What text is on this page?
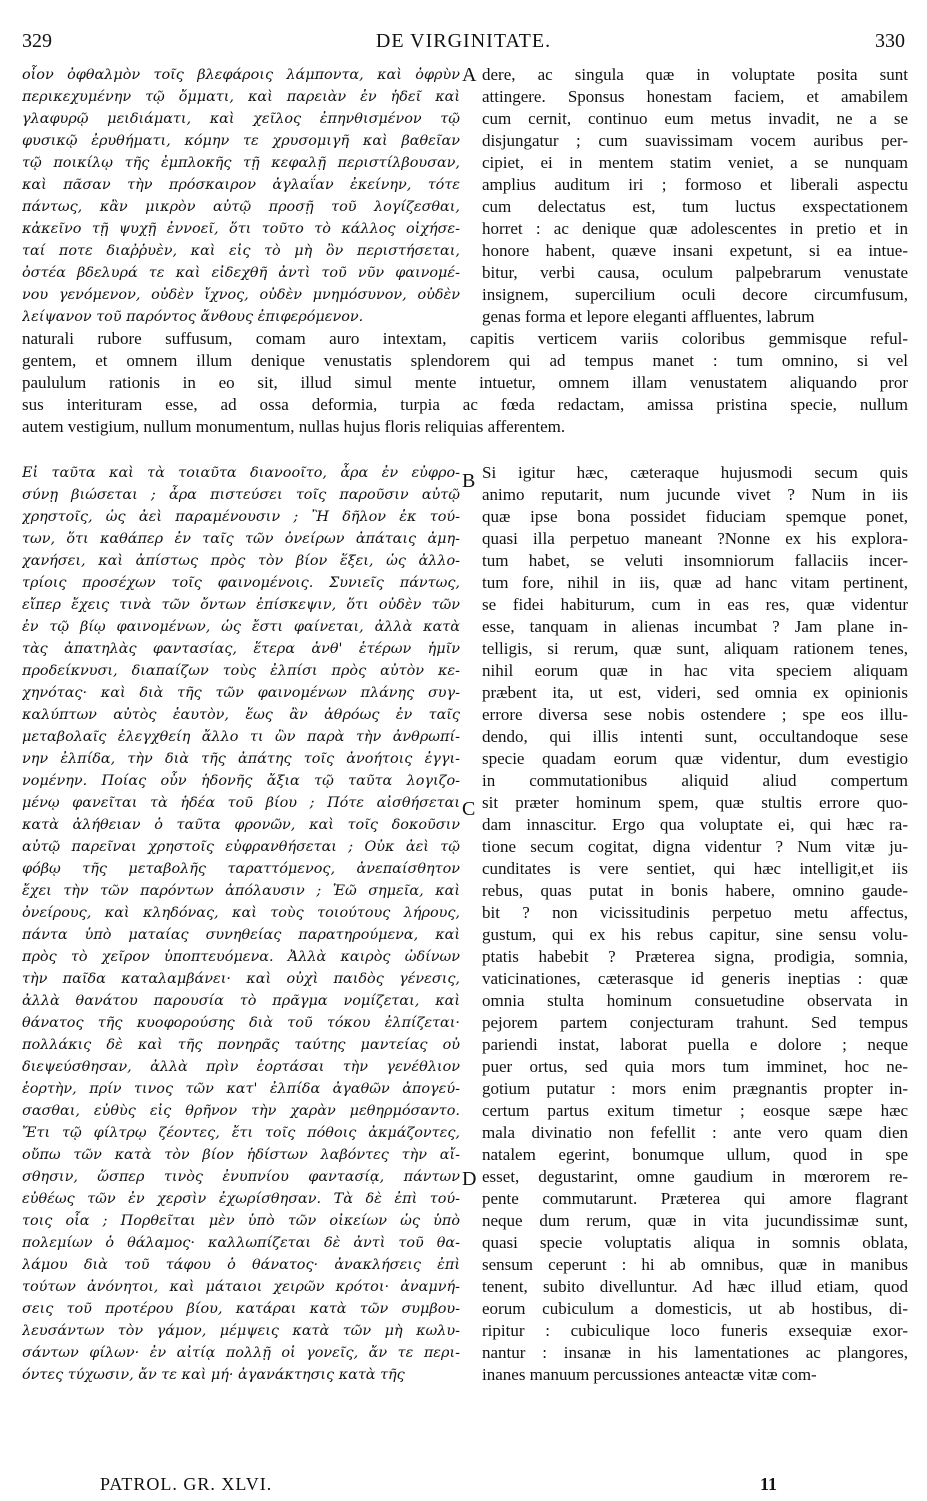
329	DE VIRGINITATE.	330
οἷον ὀφθαλμὸν τοῖς βλεφάροις λάμποντα, καὶ ὀφρὺν
περικεχυμένην τῷ ὄμματι, καὶ παρειὰν ἐν ἡδεῖ καὶ
γλαφυρῷ μειδιάματι, καὶ χεῖλος ἐπηνθισμένον τῷ
φυσικῷ ἐρυθήματι, κόμην τε χρυσομιγῆ καὶ βαθεῖαν
τῷ ποικίλῳ τῆς ἐμπλοκῆς τῇ κεφαλῇ περιστίλβουσαν,
καὶ πᾶσαν τὴν πρόσκαιρον ἀγλαΐαν ἐκείνην, τότε
πάντως, κἂν μικρὸν αὐτῷ προσῇ τοῦ λογίζεσθαι,
κἀκεῖνο τῇ ψυχῇ ἐννοεῖ, ὅτι τοῦτο τὸ κάλλος οἰχήσε-
ταί ποτε διαῤῥυὲν, καὶ εἰς τὸ μὴ ὂν περιστήσεται,
ὀστέα βδελυρά τε καὶ εἰδεχθῆ ἀντὶ τοῦ νῦν φαινομέ-
νου γενόμενον, οὐδὲν ἴχνος, οὐδὲν μνημόσυνον, οὐδὲν
λείψανον τοῦ παρόντος ἄνθους ἐπιφερόμενον.
dere, ac singula quæ in voluptate posita sunt
attingere. Sponsus honestam faciem, et amabilem
cum cernit, continuo eum metus invadit, ne a se
disjungatur ; cum suavissimam vocem auribus per-
cipiet, ei in mentem statim veniet, a se nunquam
amplius auditum iri ; formoso et liberali aspectu
cum delectatus est, tum luctus exspectationem
horret : ac denique quæ adolescentes in pretio et in
honore habent, quæve insani expetunt, si ea intue-
bitur, verbi causa, oculum palpebrarum venustate
insignem, supercilium oculi decore circumfusum,
genas forma et lepore eleganti affluentes, labrum
naturali rubore suffusum, comam auro intextam, capitis verticem variis coloribus gemmisque reful-
gentem, et omnem illum denique venustatis splendorem qui ad tempus manet : tum omnino, si vel
paululum rationis in eo sit, illud simul mente intuetur, omnem illam venustatem aliquando pror
sus interituram esse, ad ossa deformia, turpia ac fœda redactam, amissa pristina specie, nullum
autem vestigium, nullum monumentum, nullas hujus floris reliquias afferentem.
Εἰ ταῦτα καὶ τὰ τοιαῦτα διανοοῖτο, ἆρα ἐν εὐφρο-
σύνῃ βιώσεται ; ἆρα πιστεύσει τοῖς παροῦσιν αὐτῷ
χρηστοῖς, ὡς ἀεὶ παραμένουσιν ; Ἢ δῆλον ἐκ τού-
των, ὅτι καθάπερ ἐν ταῖς τῶν ὀνείρων ἀπάταις ἀμη-
χανήσει, καὶ ἀπίστως πρὸς τὸν βίον ἕξει, ὡς ἀλλο-
τρίοις προσέχων τοῖς φαινομένοις. Συνιεῖς πάντως,
εἴπερ ἔχεις τινὰ τῶν ὄντων ἐπίσκεψιν, ὅτι οὐδὲν τῶν
ἐν τῷ βίῳ φαινομένων, ὡς ἔστι φαίνεται, ἀλλὰ κατὰ
τὰς ἀπατηλὰς φαντασίας, ἕτερα ἀνθ' ἑτέρων ἡμῖν
προδείκνυσι, διαπαίζων τοὺς ἐλπίσι πρὸς αὐτὸν κε-
χηνότας· καὶ διὰ τῆς τῶν φαινομένων πλάνης συγ-
καλύπτων αὐτὸς ἑαυτὸν, ἕως ἂν ἀθρόως ἐν ταῖς
μεταβολαῖς ἐλεγχθείη ἄλλο τι ὢν παρὰ τὴν ἀνθρωπί-
νην ἐλπίδα, τὴν διὰ τῆς ἀπάτης τοῖς ἀνοήτοις ἐγγι-
νομένην. Ποίας οὖν ἡδονῆς ἄξια τῷ ταῦτα λογιζο-
μένῳ φανεῖται τὰ ἡδέα τοῦ βίου ; Πότε αἰσθήσεται
κατὰ ἀλήθειαν ὁ ταῦτα φρονῶν, καὶ τοῖς δοκοῦσιν
αὐτῷ παρεῖναι χρηστοῖς εὐφρανθήσεται ; Οὐκ ἀεὶ τῷ
φόβῳ τῆς μεταβολῆς ταραττόμενος, ἀνεπαίσθητον
ἔχει τὴν τῶν παρόντων ἀπόλαυσιν ; Ἐῶ σημεῖα, καὶ
ὀνείρους, καὶ κληδόνας, καὶ τοὺς τοιούτους λήρους,
πάντα ὑπὸ ματαίας συνηθείας παρατηρούμενα, καὶ
πρὸς τὸ χεῖρον ὑποπτευόμενα. Ἀλλὰ καιρὸς ὠδίνων
τὴν παῖδα καταλαμβάνει· καὶ οὐχὶ παιδὸς γένεσις,
ἀλλὰ θανάτου παρουσία τὸ πρᾶγμα νομίζεται, καὶ
θάνατος τῆς κυοφορούσης διὰ τοῦ τόκου ἐλπίζεται·
πολλάκις δὲ καὶ τῆς πονηρᾶς ταύτης μαντείας οὐ
διεψεύσθησαν, ἀλλὰ πρὶν ἑορτάσαι τὴν γενέθλιον
ἑορτὴν, πρίν τινος τῶν κατ' ἐλπίδα ἀγαθῶν ἀπογεύ-
σασθαι, εὐθὺς εἰς θρῆνον τὴν χαρὰν μεθηρμόσαντο.
Ἔτι τῷ φίλτρῳ ζέοντες, ἔτι τοῖς πόθοις ἀκμάζοντες,
οὔπω τῶν κατὰ τὸν βίον ἡδίστων λαβόντες τὴν αἴ-
σθησιν, ὥσπερ τινὸς ἐνυπνίου φαντασίᾳ, πάντων
εὐθέως τῶν ἐν χερσὶν ἐχωρίσθησαν. Τὰ δὲ ἐπὶ τού-
τοις οἷα ; Πορθεῖται μὲν ὑπὸ τῶν οἰκείων ὡς ὑπὸ
πολεμίων ὁ θάλαμος· καλλωπίζεται δὲ ἀντὶ τοῦ θα-
λάμου διὰ τοῦ τάφου ὁ θάνατος· ἀνακλήσεις ἐπὶ
τούτων ἀνόνητοι, καὶ μάταιοι χειρῶν κρότοι· ἀναμνή-
σεις τοῦ προτέρου βίου, κατάραι κατὰ τῶν συμβου-
λευσάντων τὸν γάμον, μέμψεις κατὰ τῶν μὴ κωλυ-
σάντων φίλων· ἐν αἰτίᾳ πολλῇ οἱ γονεῖς, ἄν τε περι-
όντες τύχωσιν, ἄν τε καὶ μή· ἀγανάκτησις κατὰ τῆς
Si igitur hæc, cæteraque hujusmodi secum quis
animo reputarit, num jucunde vivet ? Num in iis
quæ ipse bona possidet fiduciam spemque ponet,
quasi illa perpetuo maneant ?Nonne ex his explora-
tum habet, se veluti insomniorum fallaciis incer-
tum fore, nihil in iis, quæ ad hanc vitam pertinent,
se fidei habiturum, cum in eas res, quæ videntur
esse, tanquam in alienas incumbat ? Jam plane in-
telligis, si rerum, quæ sunt, aliquam rationem tenes,
nihil eorum quæ in hac vita speciem aliquam
præbent ita, ut est, videri, sed omnia ex opinionis
errore diversa sese nobis ostendere ; spe eos illu-
dendo, qui illis intenti sunt, occultandoque sese
specie quadam eorum quæ videntur, dum evestigio
in commutationibus aliquid aliud compertum
sit præter hominum spem, quæ stultis errore quo-
dam innascitur. Ergo qua voluptate ei, qui hæc ra-
tione secum cogitat, digna videntur ? Num vitæ ju-
cunditates is vere sentiet, qui hæc intelligit,et iis
rebus, quas putat in bonis habere, omnino gaude-
bit ? non vicissitudinis perpetuo metu affectus,
gustum, qui ex his rebus capitur, sine sensu volu-
ptatis habebit ? Præterea signa, prodigia, somnia,
vaticinationes, cæterasque id generis ineptias : quæ
omnia stulta hominum consuetudine observata in
pejorem partem conjecturam trahunt. Sed tempus
pariendi instat, laborat puella e dolore ; neque
puer ortus, sed quia mors tum imminet, hoc ne-
gotium putatur : mors enim prægnantis propter in-
certum partus exitum timetur ; eosque sæpe hæc
mala divinatio non fefellit : ante vero quam dien
natalem egerint, bonumque ullum, quod in spe
esset, degustarint, omne gaudium in mœrorem re-
pente commutarunt. Præterea qui amore flagrant
neque dum rerum, quæ in vita jucundissimæ sunt,
quasi specie voluptatis aliqua in somnis oblata,
sensum ceperunt : hi ab omnibus, quæ in manibus
tenent, subito divelluntur. Ad hæc illud etiam, quod
eorum cubiculum a domesticis, ut ab hostibus, di-
ripitur : cubiculique loco funeris exsequiæ exor-
nantur : insanæ in his lamentationes ac plangores,
inanes manuum percussiones anteactæ vitæ com-
A
B
C
D
PATROL. GR. XLVI.	11
